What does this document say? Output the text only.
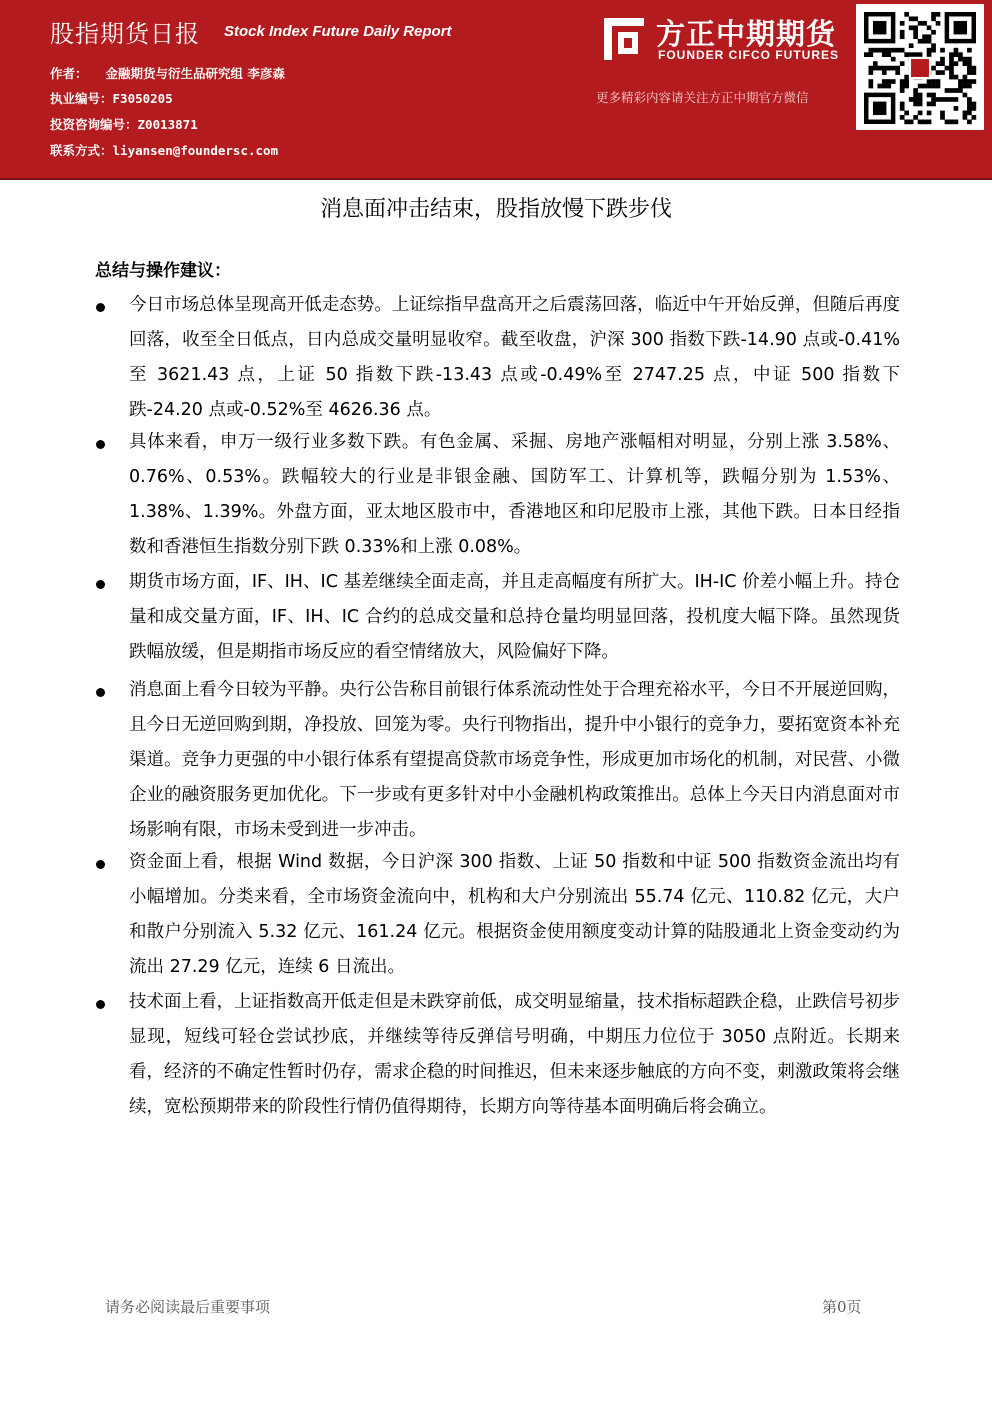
股指期货日报 Stock Index Future Daily Report
作者： 金融期货与衍生品研究组 李彦森
执业编号：F3050205
投资咨询编号：Z0013871
联系方式：liyansen@foundersc.com
方正中期期货
FOUNDER CIFCO FUTURES
更多精彩内容请关注方正中期官方微信
消息面冲击结束，股指放慢下跌步伐
总结与操作建议：
今日市场总体呈现高开低走态势。上证综指早盘高开之后震荡回落，临近中午开始反弹，但随后再度回落，收至全日低点，日内总成交量明显收窄。截至收盘，沪深 300 指数下跌-14.90 点或-0.41%至 3621.43 点，上证 50 指数下跌-13.43 点或-0.49%至 2747.25 点，中证 500 指数下跌-24.20 点或-0.52%至 4626.36 点。
具体来看，申万一级行业多数下跌。有色金属、采掘、房地产涨幅相对明显，分别上涨 3.58%、0.76%、0.53%。跌幅较大的行业是非银金融、国防军工、计算机等，跌幅分别为 1.53%、1.38%、1.39%。外盘方面，亚太地区股市中，香港地区和印尼股市上涨，其他下跌。日本日经指数和香港恒生指数分别下跌 0.33%和上涨 0.08%。
期货市场方面，IF、IH、IC 基差继续全面走高，并且走高幅度有所扩大。IH-IC 价差小幅上升。持仓量和成交量方面，IF、IH、IC 合约的总成交量和总持仓量均明显回落，投机度大幅下降。虽然现货跌幅放缓，但是期指市场反应的看空情绪放大，风险偏好下降。
消息面上看今日较为平静。央行公告称目前银行体系流动性处于合理充裕水平，今日不开展逆回购，且今日无逆回购到期，净投放、回笼为零。央行刊物指出，提升中小银行的竞争力，要拓宽资本补充渠道。竞争力更强的中小银行体系有望提高贷款市场竞争性，形成更加市场化的机制，对民营、小微企业的融资服务更加优化。下一步或有更多针对中小金融机构政策推出。总体上今天日内消息面对市场影响有限，市场未受到进一步冲击。
资金面上看，根据 Wind 数据，今日沪深 300 指数、上证 50 指数和中证 500 指数资金流出均有小幅增加。分类来看，全市场资金流向中，机构和大户分别流出 55.74 亿元、110.82 亿元，大户和散户分别流入 5.32 亿元、161.24 亿元。根据资金使用额度变动计算的陆股通北上资金变动约为流出 27.29 亿元，连续 6 日流出。
技术面上看，上证指数高开低走但是未跌穿前低，成交明显缩量，技术指标超跌企稳，止跌信号初步显现，短线可轻仓尝试抄底，并继续等待反弹信号明确，中期压力位位于 3050 点附近。长期来看，经济的不确定性暂时仍存，需求企稳的时间推迟，但未来逐步触底的方向不变，刺激政策将会继续，宽松预期带来的阶段性行情仍值得期待，长期方向等待基本面明确后将会确立。
请务必阅读最后重要事项	第0页
